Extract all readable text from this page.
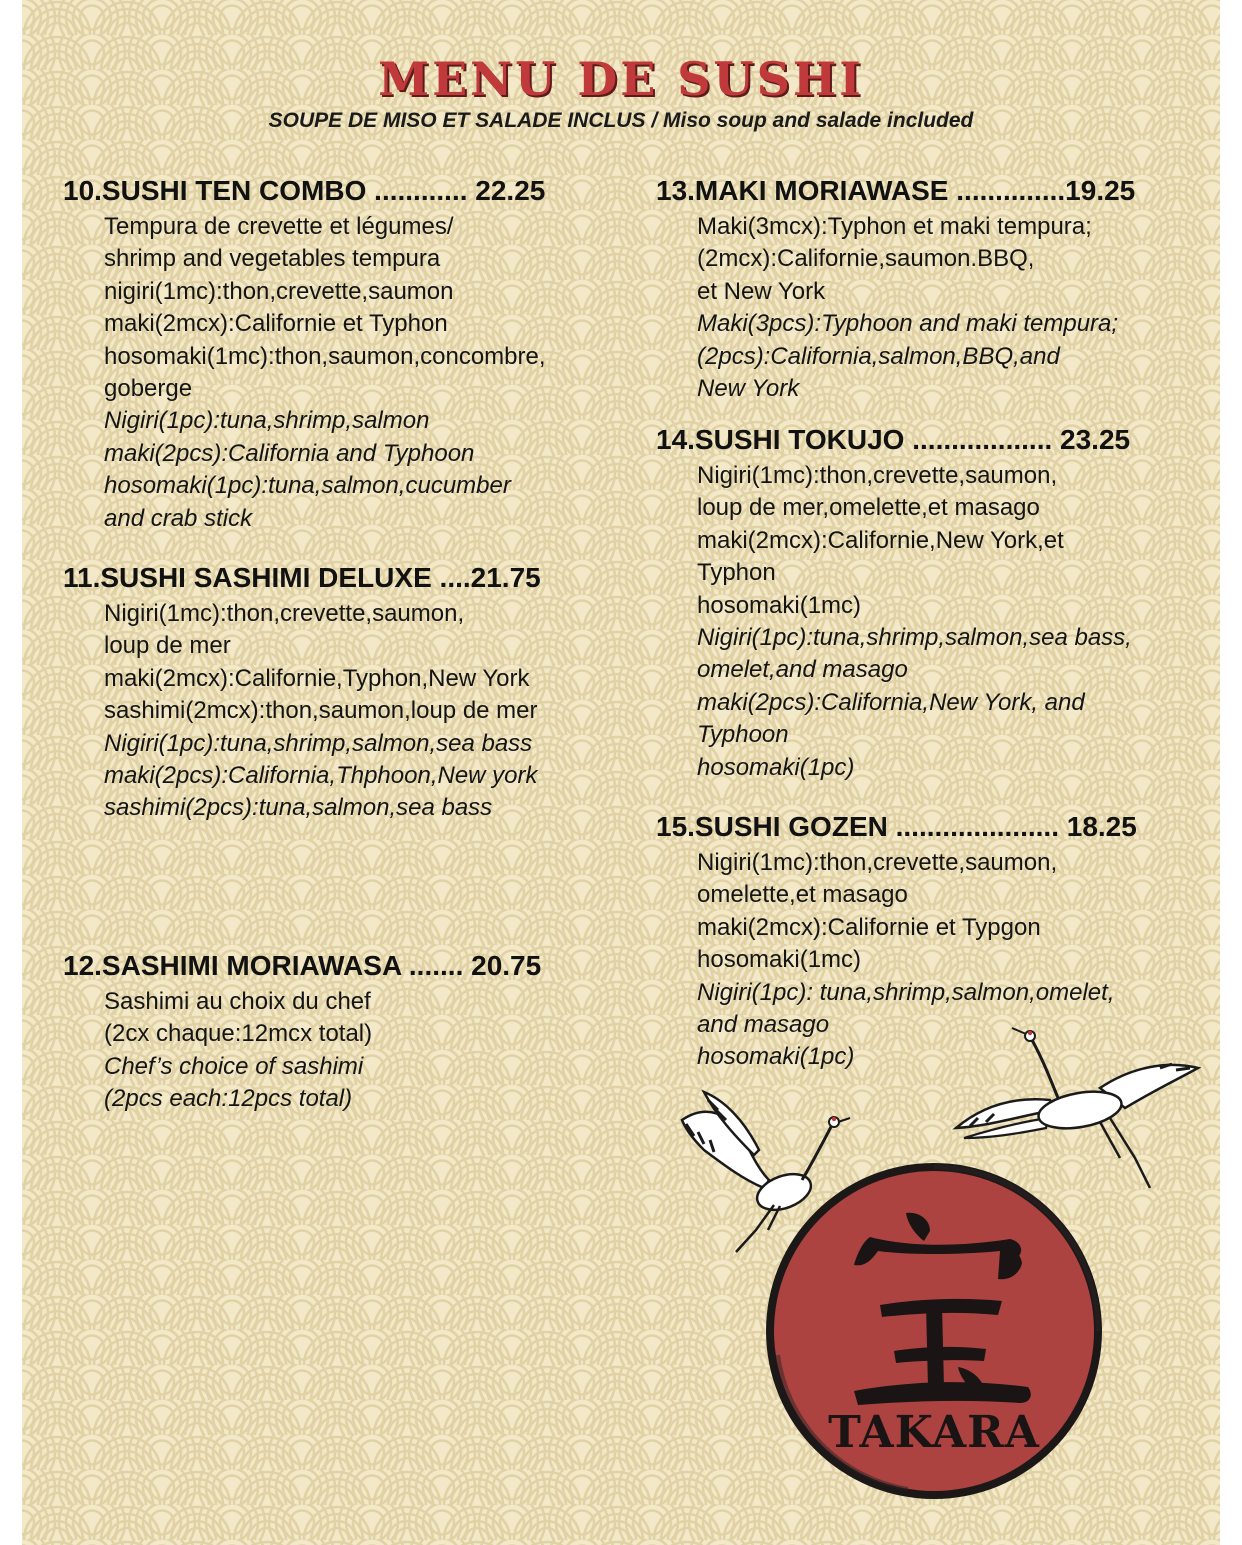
MENU DE SUSHI
SOUPE DE MISO ET SALADE INCLUS / Miso soup and salade included
10.SUSHI TEN COMBO ............ 22.25
Tempura de crevette et légumes/
shrimp and vegetables tempura
nigiri(1mc):thon,crevette,saumon
maki(2mcx):Californie et Typhon
hosomaki(1mc):thon,saumon,concombre,
goberge
Nigiri(1pc):tuna,shrimp,salmon
maki(2pcs):California and Typhoon
hosomaki(1pc):tuna,salmon,cucumber
and crab stick
11.SUSHI SASHIMI DELUXE ....21.75
Nigiri(1mc):thon,crevette,saumon,
loup de mer
maki(2mcx):Californie,Typhon,New York
sashimi(2mcx):thon,saumon,loup de mer
Nigiri(1pc):tuna,shrimp,salmon,sea bass
maki(2pcs):California,Thphoon,New york
sashimi(2pcs):tuna,salmon,sea bass
12.SASHIMI MORIAWASA ....... 20.75
Sashimi au choix du chef
(2cx chaque:12mcx total)
Chef’s choice of sashimi
(2pcs each:12pcs total)
13.MAKI MORIAWASE ..............19.25
Maki(3mcx):Typhon et maki tempura;
(2mcx):Californie,saumon.BBQ,
et New York
Maki(3pcs):Typhoon and maki tempura;
(2pcs):California,salmon,BBQ,and
New York
14.SUSHI TOKUJO .................. 23.25
Nigiri(1mc):thon,crevette,saumon,
loup de mer,omelette,et masago
maki(2mcx):Californie,New York,et
Typhon
hosomaki(1mc)
Nigiri(1pc):tuna,shrimp,salmon,sea bass,
omelet,and masago
maki(2pcs):California,New York, and
Typhoon
hosomaki(1pc)
15.SUSHI GOZEN ..................... 18.25
Nigiri(1mc):thon,crevette,saumon,
omelette,et masago
maki(2mcx):Californie et Typgon
hosomaki(1mc)
Nigiri(1pc): tuna,shrimp,salmon,omelet,
and masago
hosomaki(1pc)
TAKARA
